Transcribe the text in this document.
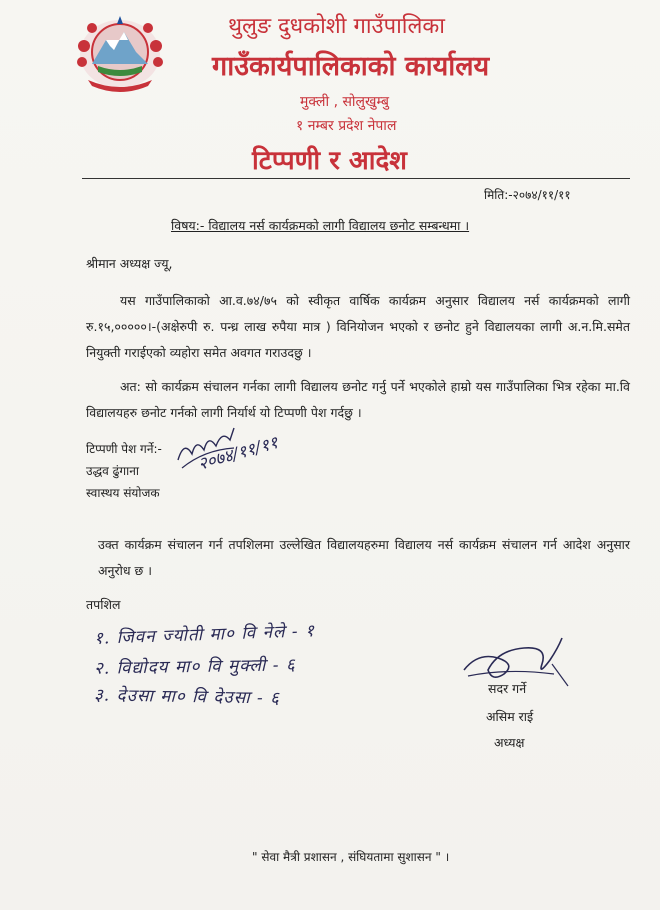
थुलुङ दुधकोशी गाउँपालिका
गाउँकार्यपालिकाको कार्यालय
मुक्ली , सोलुखुम्बु
१ नम्बर प्रदेश नेपाल
टिप्पणी र आदेश
मिति:-२०७४/११/११
विषय:- विद्यालय नर्स कार्यक्रमको लागी विद्यालय छनोट सम्बन्धमा ।
श्रीमान अध्यक्ष ज्यू,
यस गाउँपालिकाको आ.व.७४/७५ को स्वीकृत वार्षिक कार्यक्रम अनुसार विद्यालय नर्स कार्यक्रमको लागी रु.१५,०००००।-(अक्षेरुपी रु. पन्ध्र लाख रुपैया मात्र ) विनियोजन भएको र छनोट हुने विद्यालयका लागी अ.न.मि.समेत नियुक्ती गराईएको व्यहोरा समेत अवगत गराउदछु ।
अत: सो कार्यक्रम संचालन गर्नका लागी विद्यालय छनोट गर्नु पर्ने भएकोले हाम्रो यस गाउँपालिका भित्र रहेका मा.वि विद्यालयहरु छनोट गर्नको लागी निर्यार्थ यो टिप्पणी पेश गर्दछु ।
टिप्पणी पेश गर्ने:-
उद्धव ढुंगाना
स्वास्थय संयोजक
२०७४/११/११
उक्त कार्यक्रम संचालन गर्न तपशिलमा उल्लेखित विद्यालयहरुमा विद्यालय नर्स कार्यक्रम संचालन गर्न आदेश अनुसार अनुरोध छ ।
तपशिल
१. जिवन ज्योती मा० वि नेले - १
२. विद्योदय मा० वि मुक्ली - ६
३. देउसा मा० वि देउसा - ६	सदर गर्ने
असिम राई
अध्यक्ष
" सेवा मैत्री प्रशासन , संघियतामा सुशासन " ।
